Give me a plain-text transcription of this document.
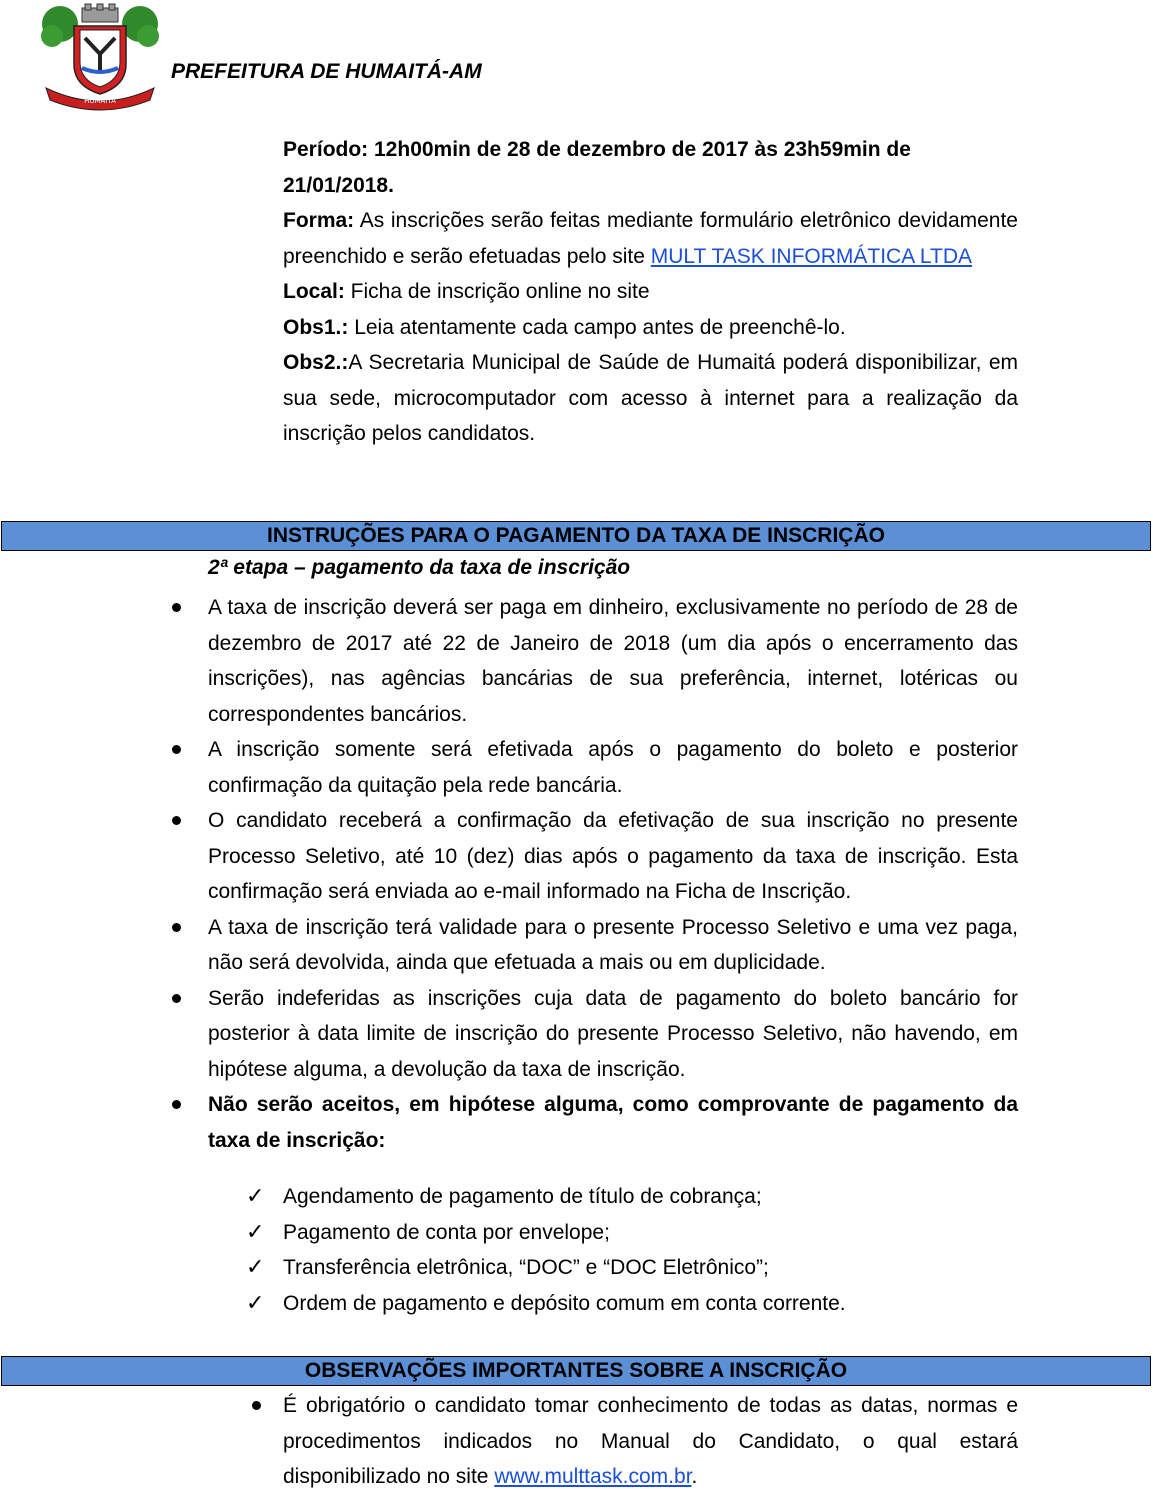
HUMAITÁ
PREFEITURA DE HUMAITÁ-AM

Período: 12h00min de 28 de dezembro de 2017 às 23h59min de 21/01/2018.

Forma: As inscrições serão feitas mediante formulário eletrônico devidamente preenchido e serão efetuadas pelo site MULT TASK INFORMÁTICA LTDA

Local: Ficha de inscrição online no site

Obs1.: Leia atentamente cada campo antes de preenchê-lo.

Obs2.:A Secretaria Municipal de Saúde de Humaitá poderá disponibilizar, em sua sede, microcomputador com acesso à internet para a realização da inscrição pelos candidatos.

INSTRUÇÕES PARA O PAGAMENTO DA TAXA DE INSCRIÇÃO
2ª etapa – pagamento da taxa de inscrição
A taxa de inscrição deverá ser paga em dinheiro, exclusivamente no período de 28 de dezembro de 2017 até 22 de Janeiro de 2018 (um dia após o encerramento das inscrições), nas agências bancárias de sua preferência, internet, lotéricas ou correspondentes bancários.
A inscrição somente será efetivada após o pagamento do boleto e posterior confirmação da quitação pela rede bancária.
O candidato receberá a confirmação da efetivação de sua inscrição no presente Processo Seletivo, até 10 (dez) dias após o pagamento da taxa de inscrição. Esta confirmação será enviada ao e-mail informado na Ficha de Inscrição.
A taxa de inscrição terá validade para o presente Processo Seletivo e uma vez paga, não será devolvida, ainda que efetuada a mais ou em duplicidade.
Serão indeferidas as inscrições cuja data de pagamento do boleto bancário for posterior à data limite de inscrição do presente Processo Seletivo, não havendo, em hipótese alguma, a devolução da taxa de inscrição.
Não serão aceitos, em hipótese alguma, como comprovante de pagamento da taxa de inscrição:
✓ Agendamento de pagamento de título de cobrança;
✓ Pagamento de conta por envelope;
✓ Transferência eletrônica, “DOC” e “DOC Eletrônico”;
✓ Ordem de pagamento e depósito comum em conta corrente.
OBSERVAÇÕES IMPORTANTES SOBRE A INSCRIÇÃO
É obrigatório o candidato tomar conhecimento de todas as datas, normas e procedimentos indicados no Manual do Candidato, o qual estará disponibilizado no site www.multtask.com.br.
